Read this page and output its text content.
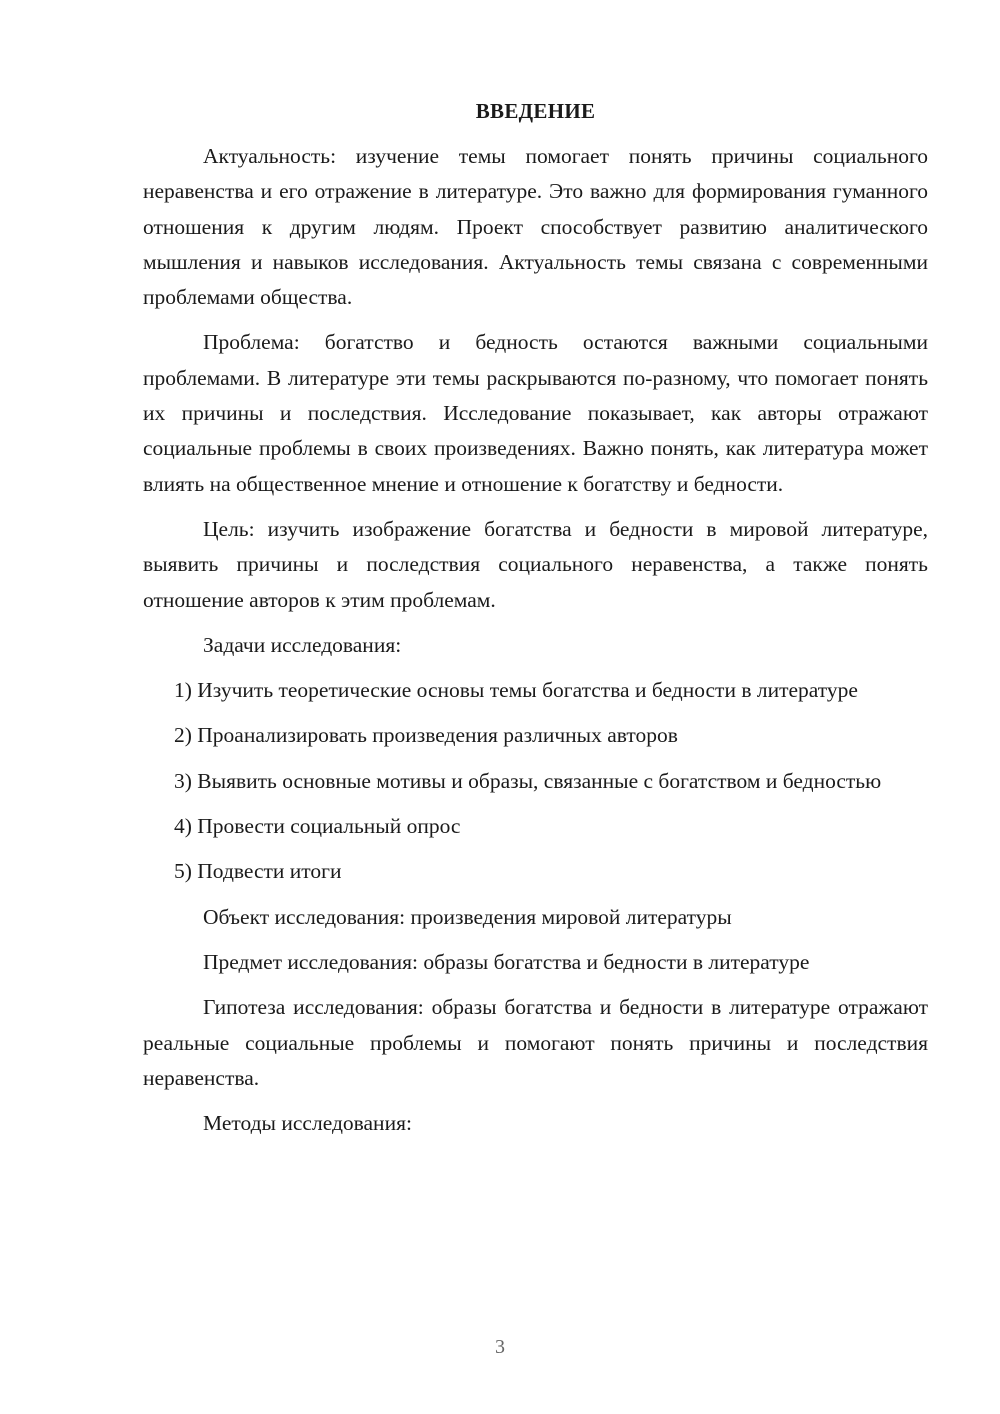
ВВЕДЕНИЕ

Актуальность: изучение темы помогает понять причины социального неравенства и его отражение в литературе. Это важно для формирования гуманного отношения к другим людям. Проект способствует развитию аналитического мышления и навыков исследования. Актуальность темы связана с современными проблемами общества.

Проблема: богатство и бедность остаются важными социальными проблемами. В литературе эти темы раскрываются по-разному, что помогает понять их причины и последствия. Исследование показывает, как авторы отражают социальные проблемы в своих произведениях. Важно понять, как литература может влиять на общественное мнение и отношение к богатству и бедности.

Цель: изучить изображение богатства и бедности в мировой литературе, выявить причины и последствия социального неравенства, а также понять отношение авторов к этим проблемам.

Задачи исследования:

1) Изучить теоретические основы темы богатства и бедности в литературе

2) Проанализировать произведения различных авторов

3) Выявить основные мотивы и образы, связанные с богатством и бедностью

4) Провести социальный опрос

5) Подвести итоги

Объект исследования: произведения мировой литературы

Предмет исследования: образы богатства и бедности в литературе

Гипотеза исследования: образы богатства и бедности в литературе отражают реальные социальные проблемы и помогают понять причины и последствия неравенства.

Методы исследования:

3
